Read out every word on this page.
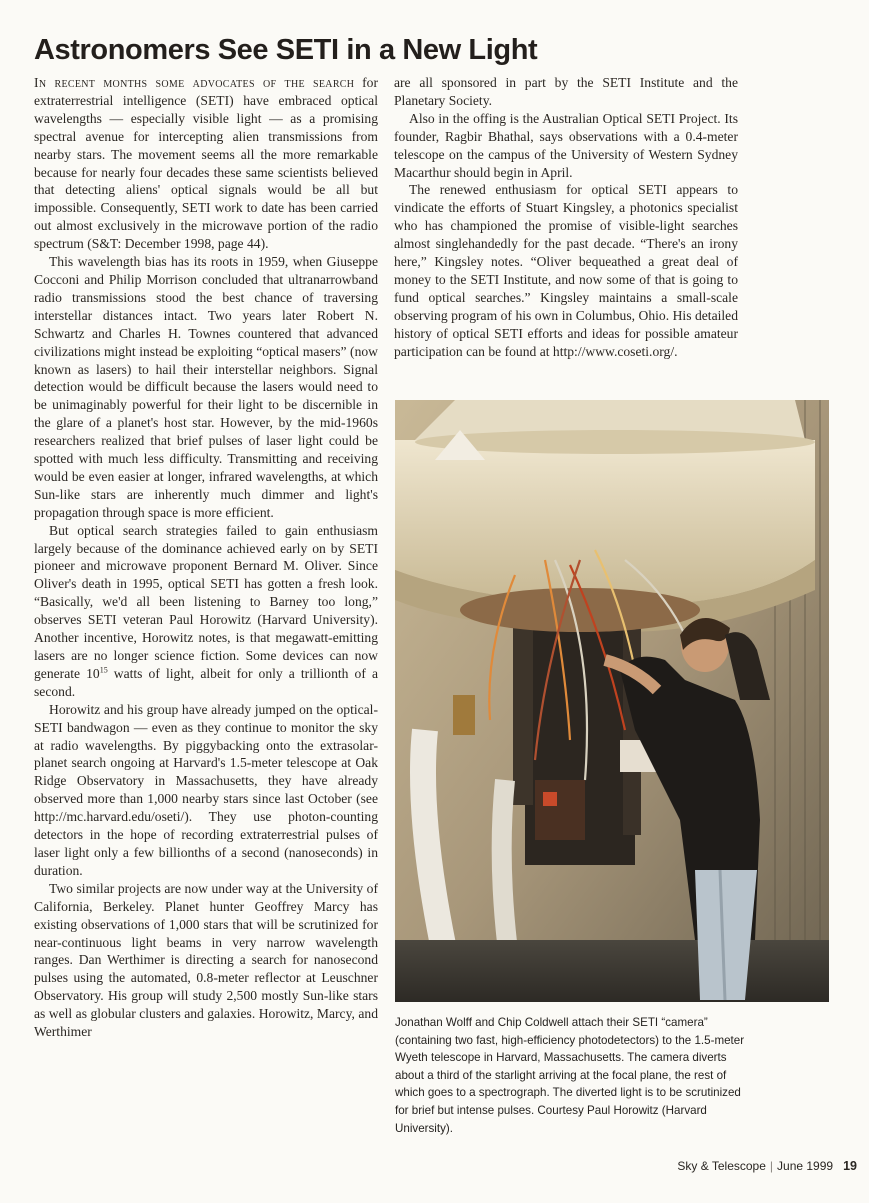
Astronomers See SETI in a New Light

In recent months some advocates of the search for extraterrestrial intelligence (SETI) have embraced optical wavelengths — especially visible light — as a promising spectral avenue for intercepting alien transmissions from nearby stars. The movement seems all the more remarkable because for nearly four decades these same scientists believed that detecting aliens' optical signals would be all but impossible. Consequently, SETI work to date has been carried out almost exclusively in the microwave portion of the radio spectrum (S&T: December 1998, page 44).

This wavelength bias has its roots in 1959, when Giuseppe Cocconi and Philip Morrison concluded that ultranarrowband radio transmissions stood the best chance of traversing interstellar distances intact. Two years later Robert N. Schwartz and Charles H. Townes countered that advanced civilizations might instead be exploiting “optical masers” (now known as lasers) to hail their interstellar neighbors. Signal detection would be difficult because the lasers would need to be unimaginably powerful for their light to be discernible in the glare of a planet's host star. However, by the mid-1960s researchers realized that brief pulses of laser light could be spotted with much less difficulty. Transmitting and receiving would be even easier at longer, infrared wavelengths, at which Sun-like stars are inherently much dimmer and light's propagation through space is more efficient.

But optical search strategies failed to gain enthusiasm largely because of the dominance achieved early on by SETI pioneer and microwave proponent Bernard M. Oliver. Since Oliver's death in 1995, optical SETI has gotten a fresh look. “Basically, we'd all been listening to Barney too long,” observes SETI veteran Paul Horowitz (Harvard University). Another incentive, Horowitz notes, is that megawatt-emitting lasers are no longer science fiction. Some devices can now generate $10^{15}$ watts of light, albeit for only a trillionth of a second.

Horowitz and his group have already jumped on the optical-SETI bandwagon — even as they continue to monitor the sky at radio wavelengths. By piggybacking onto the extrasolar-planet search ongoing at Harvard's 1.5-meter telescope at Oak Ridge Observatory in Massachusetts, they have already observed more than 1,000 nearby stars since last October (see http://mc.harvard.edu/oseti/). They use photon-counting detectors in the hope of recording extraterrestrial pulses of laser light only a few billionths of a second (nanoseconds) in duration.

Two similar projects are now under way at the University of California, Berkeley. Planet hunter Geoffrey Marcy has existing observations of 1,000 stars that will be scrutinized for near-continuous light beams in very narrow wavelength ranges. Dan Werthimer is directing a search for nanosecond pulses using the automated, 0.8-meter reflector at Leuschner Observatory. His group will study 2,500 mostly Sun-like stars as well as globular clusters and galaxies. Horowitz, Marcy, and Werthimer

are all sponsored in part by the SETI Institute and the Planetary Society.

Also in the offing is the Australian Optical SETI Project. Its founder, Ragbir Bhathal, says observations with a 0.4-meter telescope on the campus of the University of Western Sydney Macarthur should begin in April.

The renewed enthusiasm for optical SETI appears to vindicate the efforts of Stuart Kingsley, a photonics specialist who has championed the promise of visible-light searches almost singlehandedly for the past decade. “There's an irony here,” Kingsley notes. “Oliver bequeathed a great deal of money to the SETI Institute, and now some of that is going to fund optical searches.” Kingsley maintains a small-scale observing program of his own in Columbus, Ohio. His detailed history of optical SETI efforts and ideas for possible amateur participation can be found at http://www.coseti.org/.

Jonathan Wolff and Chip Coldwell attach their SETI “camera” (containing two fast, high-efficiency photodetectors) to the 1.5-meter Wyeth telescope in Harvard, Massachusetts. The camera diverts about a third of the starlight arriving at the focal plane, the rest of which goes to a spectrograph. The diverted light is to be scrutinized for brief but intense pulses. Courtesy Paul Horowitz (Harvard University).

Sky & Telescope | June 1999 19
